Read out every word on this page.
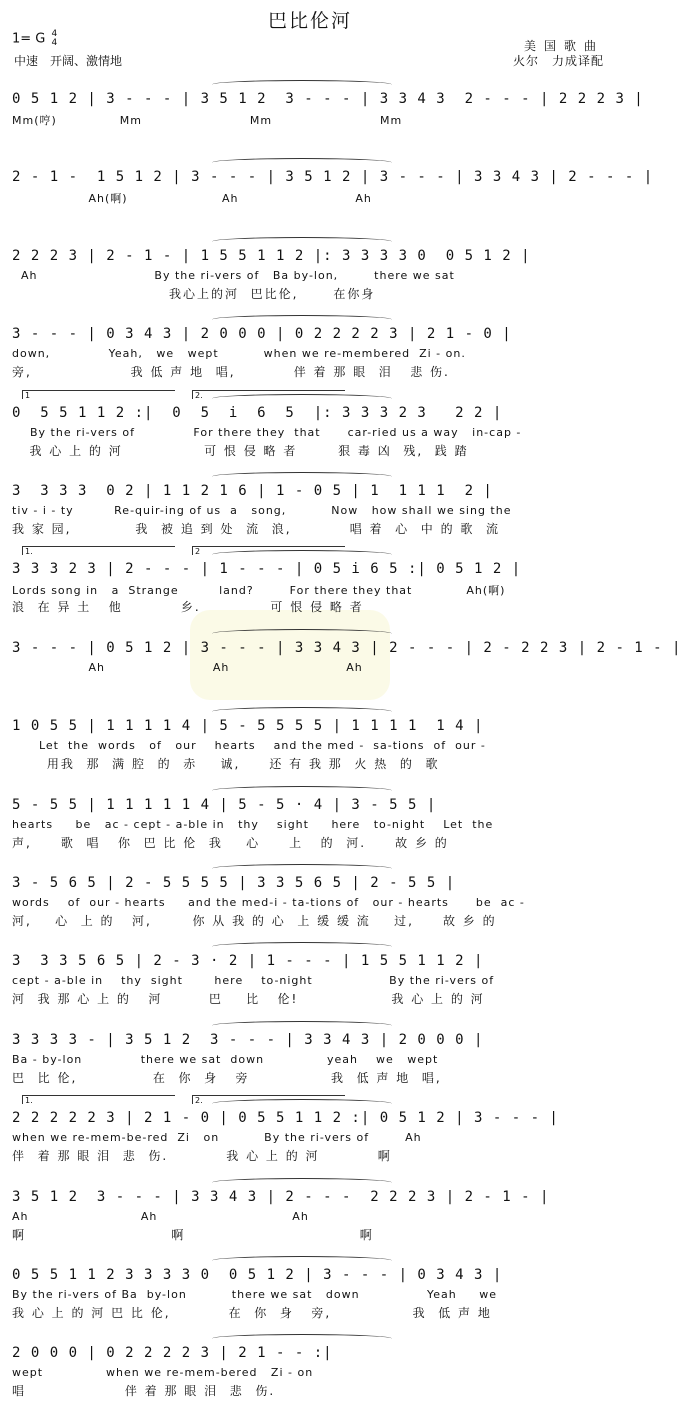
巴比伦河
1= G 4
4
中速　开阔、激情地
美国歌曲
火尔　力成译配
0 5 1 2 | 3 - - - | 3 5 1 2  3 - - - | 3 3 4 3  2 - - - | 2 2 2 3 |
Mm(哼)              Mm                        Mm                        Mm
2 - 1 -  1 5 1 2 | 3 - - - | 3 5 1 2 | 3 - - - | 3 3 4 3 | 2 - - - |
Ah(啊)                     Ah                          Ah
2 2 2 3 | 2 - 1 - | 1 5 5 1 1 2 |: 3 3 3 3 0  0 5 1 2 |
Ah                          By the ri-vers of   Ba by-lon,        there we sat
我心上的河  巴比伦,      在你身
3 - - - | 0 3 4 3 | 2 0 0 0 | 0 2 2 2 2 3 | 2 1 - 0 |
down,             Yeah,   we   wept          when we re-membered  Zi - on.
旁,                 我 低 声 地  唱,          伴 着 那 眼  泪   悲 伤.
0  5 5 1 1 2 :|  0  5  i  6  5  |: 3 3 3 2 3   2 2 |
1	2.
By the ri-vers of             For there they  that      car-ried us a way   in-cap -
我 心 上 的 河              可 恨 侵 略 者       狠 毒 凶  残,  践 踏
3  3 3 3  0 2 | 1 1 2 1 6 | 1 - 0 5 | 1  1 1 1  2 |
tiv - i - ty         Re-quir-ing of us  a   song,          Now   how shall we sing the
我 家 园,           我  被 追 到 处  流  浪,          唱 着  心  中 的 歌  流
3 3 3 2 3 | 2 - - - | 1 - - - | 0 5 i 6 5 :| 0 5 1 2 |
1.	2
Lords song in   a  Strange         land?        For there they that            Ah(啊)
浪  在 异 土   他          乡.            可 恨 侵 略 者
3 - - - | 0 5 1 2 | 3 - - - | 3 3 4 3 | 2 - - - | 2 - 2 2 3 | 2 - 1 - |
Ah                        Ah                          Ah
1 0 5 5 | 1 1 1 1 4 | 5 - 5 5 5 5 | 1 1 1 1  1 4 |
Let  the  words   of   our    hearts    and the med -  sa-tions  of  our -
用我  那  满 腔  的  赤    诚,     还 有 我 那  火 热  的  歌
5 - 5 5 | 1 1 1 1 1 4 | 5 - 5 · 4 | 3 - 5 5 |
hearts     be   ac - cept - a-ble in   thy    sight     here   to-night    Let  the
声,     歌  唱   你  巴 比 伦  我    心     上   的  河.     故 乡 的
3 - 5 6 5 | 2 - 5 5 5 5 | 3 3 5 6 5 | 2 - 5 5 |
words    of  our - hearts     and the med-i - ta-tions of   our - hearts      be  ac -
河,    心  上 的   河,       你 从 我 的 心  上 缓 缓 流    过,     故 乡 的
3  3 3 5 6 5 | 2 - 3 · 2 | 1 - - - | 1 5 5 1 1 2 |
cept - a-ble in    thy  sight       here    to-night                 By the ri-vers of
河  我 那 心 上 的   河        巴    比   伦!                我 心 上 的 河
3 3 3 3 - | 3 5 1 2  3 - - - | 3 3 4 3 | 2 0 0 0 |
Ba - by-lon             there we sat  down              yeah    we   wept
巴  比 伦,             在  你  身   旁              我  低 声 地  唱,
2 2 2 2 2 3 | 2 1 - 0 | 0 5 5 1 1 2 :| 0 5 1 2 | 3 - - - |
1.	2.
when we re-mem-be-red  Zi   on          By the ri-vers of        Ah
伴  着 那 眼 泪  悲  伤.          我 心 上 的 河          啊
3 5 1 2  3 - - - | 3 3 4 3 | 2 - - -  2 2 2 3 | 2 - 1 - |
Ah                         Ah                              Ah
啊                         啊                              啊
0 5 5 1 1 2 3 3 3 3 0  0 5 1 2 | 3 - - - | 0 3 4 3 |
By the ri-vers of Ba  by-lon          there we sat   down               Yeah     we
我 心 上 的 河 巴 比 伦,          在  你  身   旁,              我  低 声 地
2 0 0 0 | 0 2 2 2 2 3 | 2 1 - - :|
wept              when we re-mem-bered   Zi - on
唱                 伴 着 那 眼 泪  悲  伤.
